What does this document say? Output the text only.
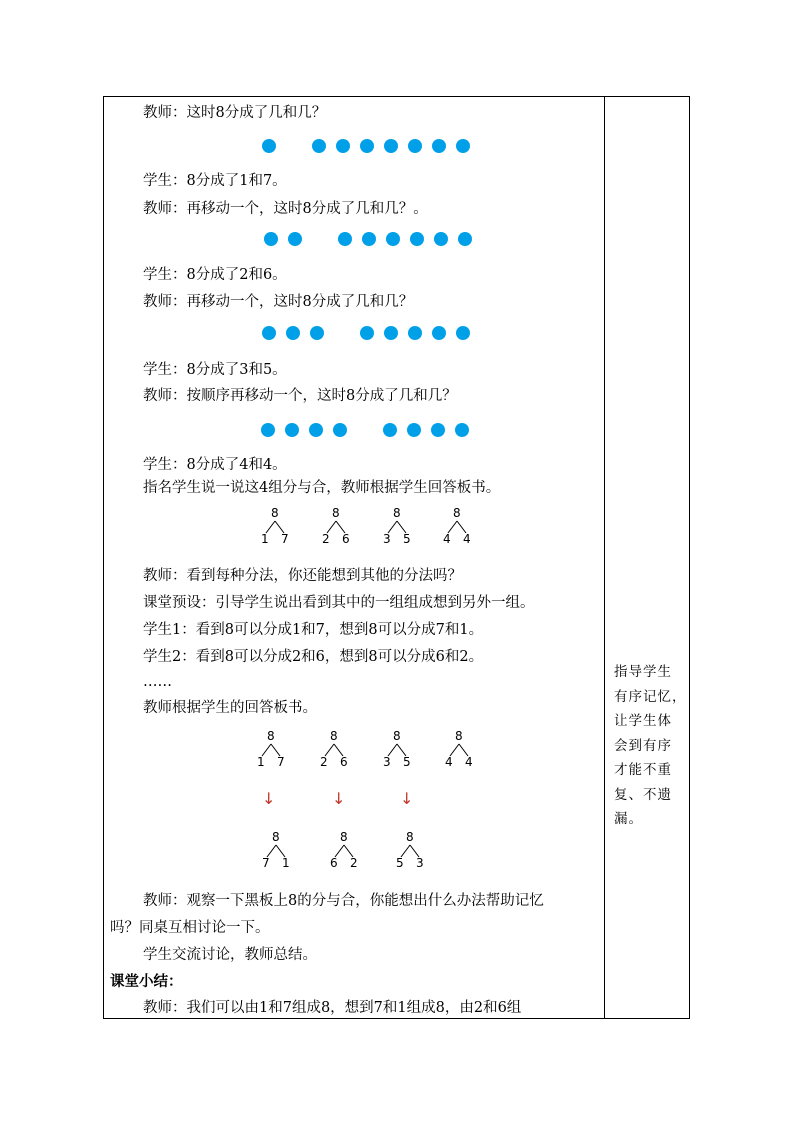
教师：这时8分成了几和几？
学生：8分成了1和7。
教师：再移动一个，这时8分成了几和几？。
学生：8分成了2和6。
教师：再移动一个，这时8分成了几和几？
学生：8分成了3和5。
教师：按顺序再移动一个，这时8分成了几和几？
学生：8分成了4和4。
指名学生说一说这4组分与合，教师根据学生回答板书。
教师：看到每种分法，你还能想到其他的分法吗？
课堂预设：引导学生说出看到其中的一组组成想到另外一组。
学生1：看到8可以分成1和7，想到8可以分成7和1。
学生2：看到8可以分成2和6，想到8可以分成6和2。
……
教师根据学生的回答板书。
教师：观察一下黑板上8的分与合，你能想出什么办法帮助记忆
吗？同桌互相讨论一下。
学生交流讨论，教师总结。
课堂小结：
教师：我们可以由1和7组成8，想到7和1组成8，由2和6组
8
1 7
8
2 6
8
3 5
8
4 4
8
1 7
8
2 6
8
3 5
8
4 4
↓	↓	↓
8
7 1
8
6 2
8
5 3
指导学生
有序记忆，
让学生体
会到有序
才能不重
复、不遗
漏。
